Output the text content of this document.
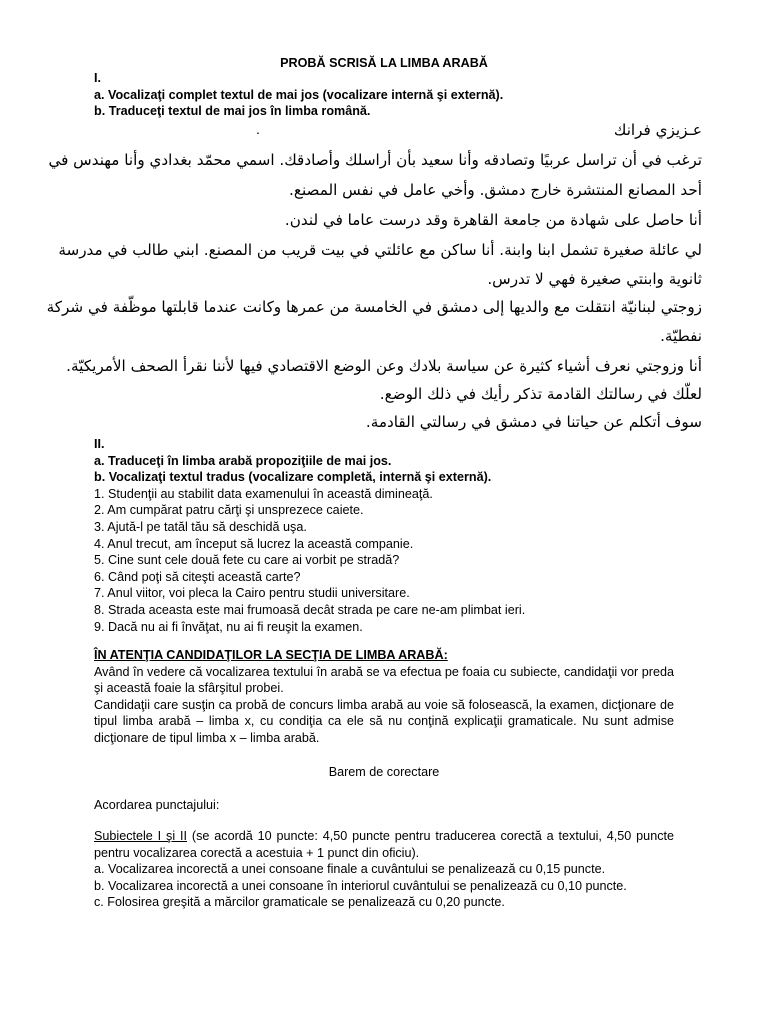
PROBĂ SCRISĂ LA LIMBA ARABĂ
I.
a. Vocalizaţi complet textul de mai jos (vocalizare internă şi externă).
b. Traduceţi textul de mai jos în limba română.
عـزيزي فرانك
ترغب في أن تراسل عربيًا وتصادقه وأنا سعيد بأن أراسلك وأصادقك. اسمي محمّد بغدادي وأنا مهندس في
أحد المصانع المنتشرة خارج دمشق. وأخي عامل في نفس المصنع.
أنا حاصل على شهادة من جامعة القاهرة وقد درست عاما في لندن.
لي عائلة صغيرة تشمل ابنا وابنة. أنا ساكن مع عائلتي في بيت قريب من المصنع. ابني طالب في مدرسة
ثانوية وابنتي صغيرة فهي لا تدرس.
زوجتي لبنانيّة انتقلت مع والديها إلى دمشق في الخامسة من عمرها وكانت عندما قابلتها موظّفة في شركة
نفطيّة.
أنا وزوجتي نعرف أشياء كثيرة عن سياسة بلادك وعن الوضع الاقتصادي فيها لأننا نقرأ الصحف الأمريكيّة.
لعلّك في رسالتك القادمة تذكر رأيك في ذلك الوضع.
سوف أتكلم عن حياتنا في دمشق في رسالتي القادمة.
.
II.
a. Traduceţi în limba arabă propoziţiile de mai jos.
b. Vocalizaţi textul tradus (vocalizare completă, internă şi externă).
1. Studenţii au stabilit data examenului în această dimineaţă.
2. Am cumpărat patru cărţi şi unsprezece caiete.
3. Ajută-l pe tatăl tău să deschidă uşa.
4. Anul trecut, am început să lucrez la această companie.
5. Cine sunt cele două fete cu care ai vorbit pe stradă?
6. Când poţi să citeşti această carte?
7. Anul viitor, voi pleca la Cairo pentru studii universitare.
8. Strada aceasta este mai frumoasă decât strada pe care ne-am plimbat ieri.
9. Dacă nu ai fi învăţat, nu ai fi reuşit la examen.
ÎN ATENŢIA CANDIDAŢILOR LA SECŢIA DE LIMBA ARABĂ:
Având în vedere că vocalizarea textului în arabă se va efectua pe foaia cu subiecte, candidaţii vor preda şi această foaie la sfârşitul probei.
Candidaţii care susţin ca probă de concurs limba arabă au voie să folosească, la examen, dicţionare de tipul limba arabă – limba x, cu condiţia ca ele să nu conţină explicaţii gramaticale. Nu sunt admise dicţionare de tipul limba x – limba arabă.
Barem de corectare
Acordarea punctajului:
Subiectele I şi II (se acordă 10 puncte: 4,50 puncte pentru traducerea corectă a textului, 4,50 puncte pentru vocalizarea corectă a acestuia + 1 punct din oficiu).
a. Vocalizarea incorectă a unei consoane finale a cuvântului se penalizează cu 0,15 puncte.
b. Vocalizarea incorectă a unei consoane în interiorul cuvântului se penalizează cu 0,10 puncte.
c. Folosirea greşită a mărcilor gramaticale se penalizează cu 0,20 puncte.
